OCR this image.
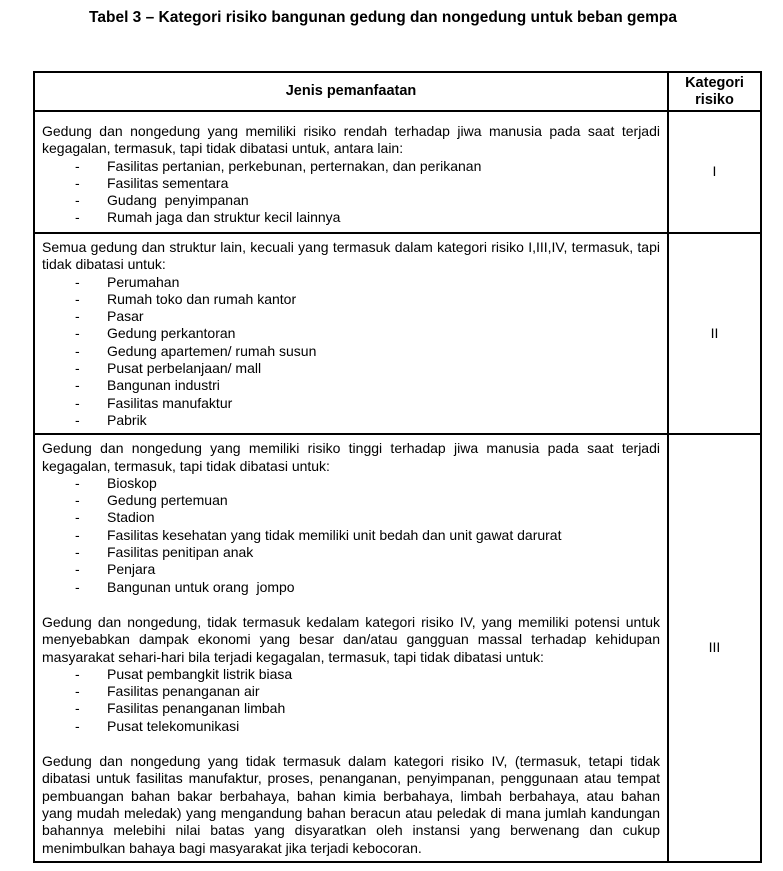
Tabel 3 – Kategori risiko bangunan gedung dan nongedung untuk beban gempa
Jenis pemanfaatan	Kategori risiko

Gedung dan nongedung yang memiliki risiko rendah terhadap jiwa manusia pada saat terjadi kegagalan, termasuk, tapi tidak dibatasi untuk, antara lain:
-	Fasilitas pertanian, perkebunan, perternakan, dan perikanan
-	Fasilitas sementara
-	Gudang  penyimpanan
-	Rumah jaga dan struktur kecil lainnya
	I

Semua gedung dan struktur lain, kecuali yang termasuk dalam kategori risiko I,III,IV, termasuk, tapi tidak dibatasi untuk:
-	Perumahan
-	Rumah toko dan rumah kantor
-	Pasar
-	Gedung perkantoran
-	Gedung apartemen/ rumah susun
-	Pusat perbelanjaan/ mall
-	Bangunan industri
-	Fasilitas manufaktur
-	Pabrik
	II

Gedung dan nongedung yang memiliki risiko tinggi terhadap jiwa manusia pada saat terjadi kegagalan, termasuk, tapi tidak dibatasi untuk:
-	Bioskop
-	Gedung pertemuan
-	Stadion
-	Fasilitas kesehatan yang tidak memiliki unit bedah dan unit gawat darurat
-	Fasilitas penitipan anak
-	Penjara
-	Bangunan untuk orang  jompo
Gedung dan nongedung, tidak termasuk kedalam kategori risiko IV, yang memiliki potensi untuk menyebabkan dampak ekonomi yang besar dan/atau gangguan massal terhadap kehidupan masyarakat sehari-hari bila terjadi kegagalan, termasuk, tapi tidak dibatasi untuk:
-	Pusat pembangkit listrik biasa
-	Fasilitas penanganan air
-	Fasilitas penanganan limbah
-	Pusat telekomunikasi
Gedung dan nongedung yang tidak termasuk dalam kategori risiko IV, (termasuk, tetapi tidak dibatasi untuk fasilitas manufaktur, proses, penanganan, penyimpanan, penggunaan atau tempat pembuangan bahan bakar berbahaya, bahan kimia berbahaya, limbah berbahaya, atau bahan yang mudah meledak) yang mengandung bahan beracun atau peledak di mana jumlah kandungan bahannya melebihi nilai batas yang disyaratkan oleh instansi yang berwenang dan cukup menimbulkan bahaya bagi masyarakat jika terjadi kebocoran.
	III
